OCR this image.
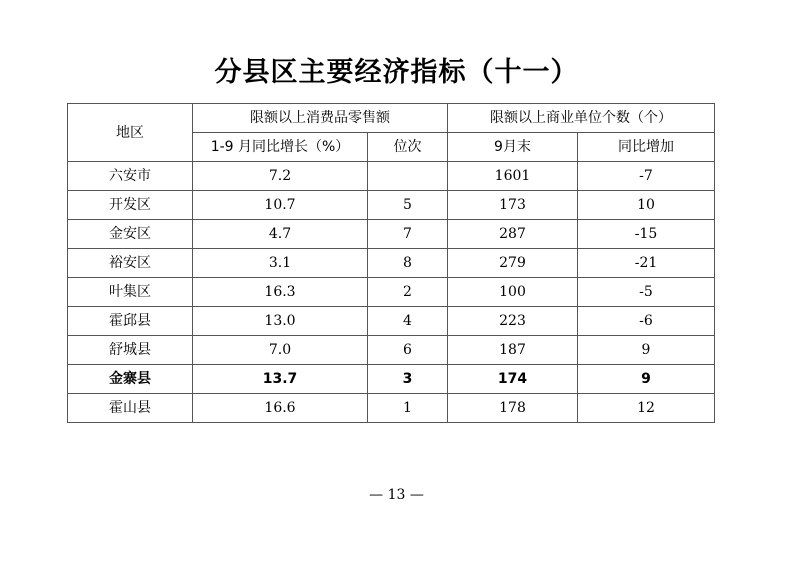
分县区主要经济指标（十一）
地区	限额以上消费品零售额		限额以上商业单位个数（个）	
	1-9 月同比增长（%）	位次	9月末	同比增加
六安市	7.2		1601	-7
开发区	10.7	5	173	10
金安区	4.7	7	287	-15
裕安区	3.1	8	279	-21
叶集区	16.3	2	100	-5
霍邱县	13.0	4	223	-6
舒城县	7.0	6	187	9
金寨县	13.7	3	174	9
霍山县	16.6	1	178	12
— 13 —
